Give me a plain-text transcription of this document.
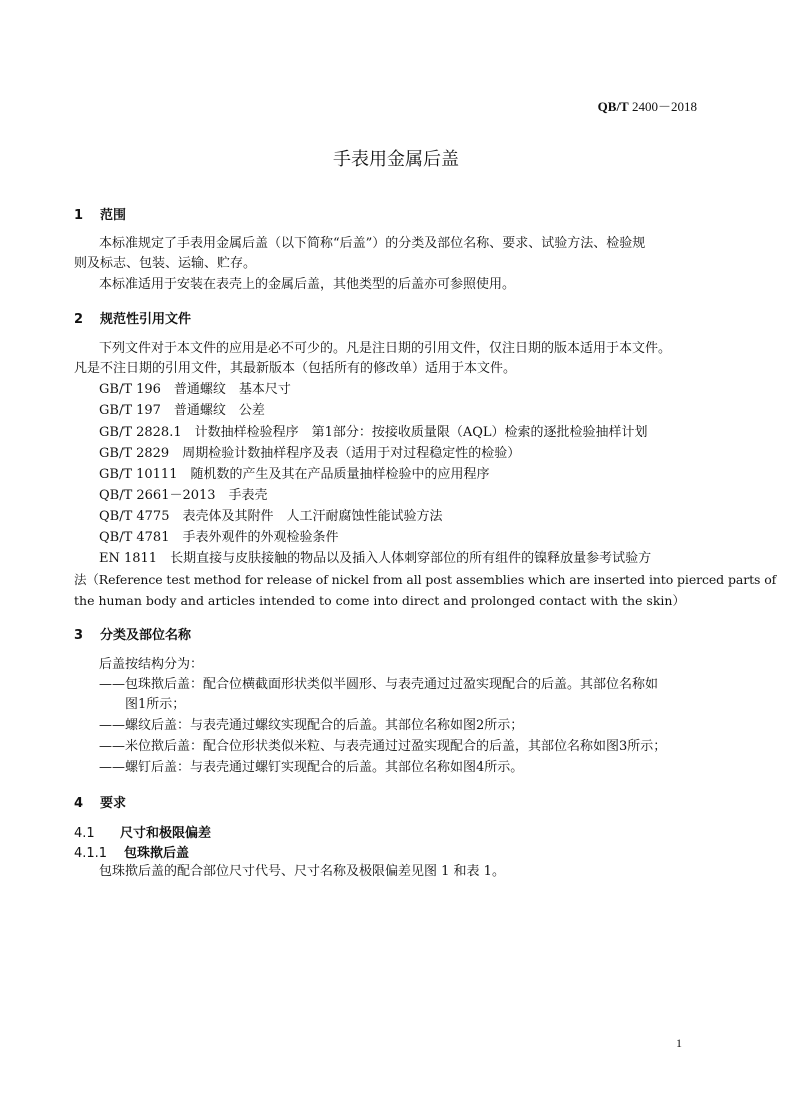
QB/T 2400－2018
手表用金属后盖
1 范围
本标准规定了手表用金属后盖（以下简称“后盖”）的分类及部位名称、要求、试验方法、检验规
则及标志、包装、运输、贮存。
本标准适用于安装在表壳上的金属后盖，其他类型的后盖亦可参照使用。
2 规范性引用文件
下列文件对于本文件的应用是必不可少的。凡是注日期的引用文件，仅注日期的版本适用于本文件。
凡是不注日期的引用文件，其最新版本（包括所有的修改单）适用于本文件。
GB/T 196　普通螺纹　基本尺寸
GB/T 197　普通螺纹　公差
GB/T 2828.1　计数抽样检验程序　第1部分：按接收质量限（AQL）检索的逐批检验抽样计划
GB/T 2829　周期检验计数抽样程序及表（适用于对过程稳定性的检验）
GB/T 10111　随机数的产生及其在产品质量抽样检验中的应用程序
QB/T 2661－2013　手表壳
QB/T 4775　表壳体及其附件　人工汗耐腐蚀性能试验方法
QB/T 4781　手表外观件的外观检验条件
EN 1811　长期直接与皮肤接触的物品以及插入人体刺穿部位的所有组件的镍释放量参考试验方
法（Reference test method for release of nickel from all post assemblies which are inserted into pierced parts of
the human body and articles intended to come into direct and prolonged contact with the skin）
3 分类及部位名称
后盖按结构分为：
——包珠揿后盖：配合位横截面形状类似半圆形、与表壳通过过盈实现配合的后盖。其部位名称如
图1所示；
——螺纹后盖：与表壳通过螺纹实现配合的后盖。其部位名称如图2所示；
——米位揿后盖：配合位形状类似米粒、与表壳通过过盈实现配合的后盖，其部位名称如图3所示；
——螺钉后盖：与表壳通过螺钉实现配合的后盖。其部位名称如图4所示。
4 要求
4.1 尺寸和极限偏差
4.1.1 包珠揿后盖
包珠揿后盖的配合部位尺寸代号、尺寸名称及极限偏差见图 1 和表 1。
1
